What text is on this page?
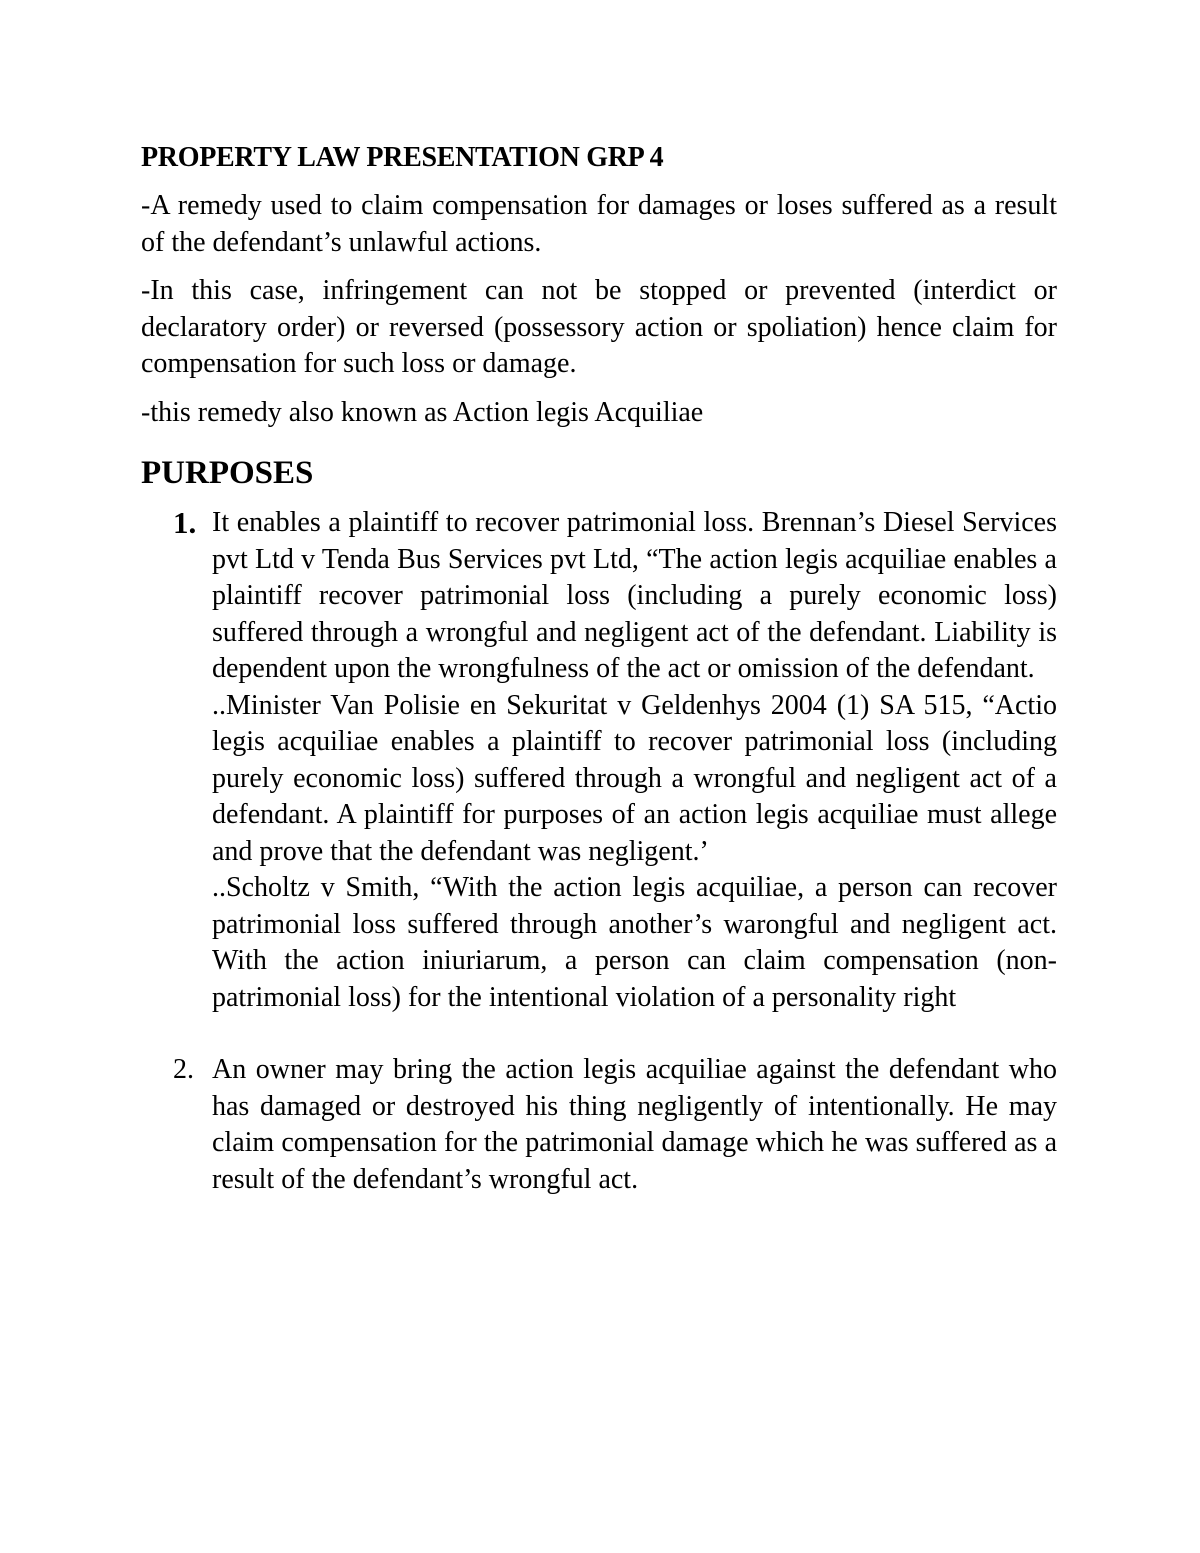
PROPERTY LAW PRESENTATION GRP 4

-A remedy used to claim compensation for damages or loses suffered as a result of the defendant’s unlawful actions.

-In this case, infringement can not be stopped or prevented (interdict or declaratory order) or reversed (possessory action or spoliation) hence claim for compensation for such loss or damage.

-this remedy also known as Action legis Acquiliae

PURPOSES
1. It enables a plaintiff to recover patrimonial loss. Brennan’s Diesel Services pvt Ltd v Tenda Bus Services pvt Ltd, “The action legis acquiliae enables a plaintiff recover patrimonial loss (including a purely economic loss) suffered through a wrongful and negligent act of the defendant. Liability is dependent upon the wrongfulness of the act or omission of the defendant.
..Minister Van Polisie en Sekuritat v Geldenhys 2004 (1) SA 515, “Actio legis acquiliae enables a plaintiff to recover patrimonial loss (including purely economic loss) suffered through a wrongful and negligent act of a defendant. A plaintiff for purposes of an action legis acquiliae must allege and prove that the defendant was negligent.’
..Scholtz v Smith, “With the action legis acquiliae, a person can recover patrimonial loss suffered through another’s warongful and negligent act. With the action iniuriarum, a person can claim compensation (non-patrimonial loss) for the intentional violation of a personality right
2. An owner may bring the action legis acquiliae against the defendant who has damaged or destroyed his thing negligently of intentionally. He may claim compensation for the patrimonial damage which he was suffered as a result of the defendant’s wrongful act.
